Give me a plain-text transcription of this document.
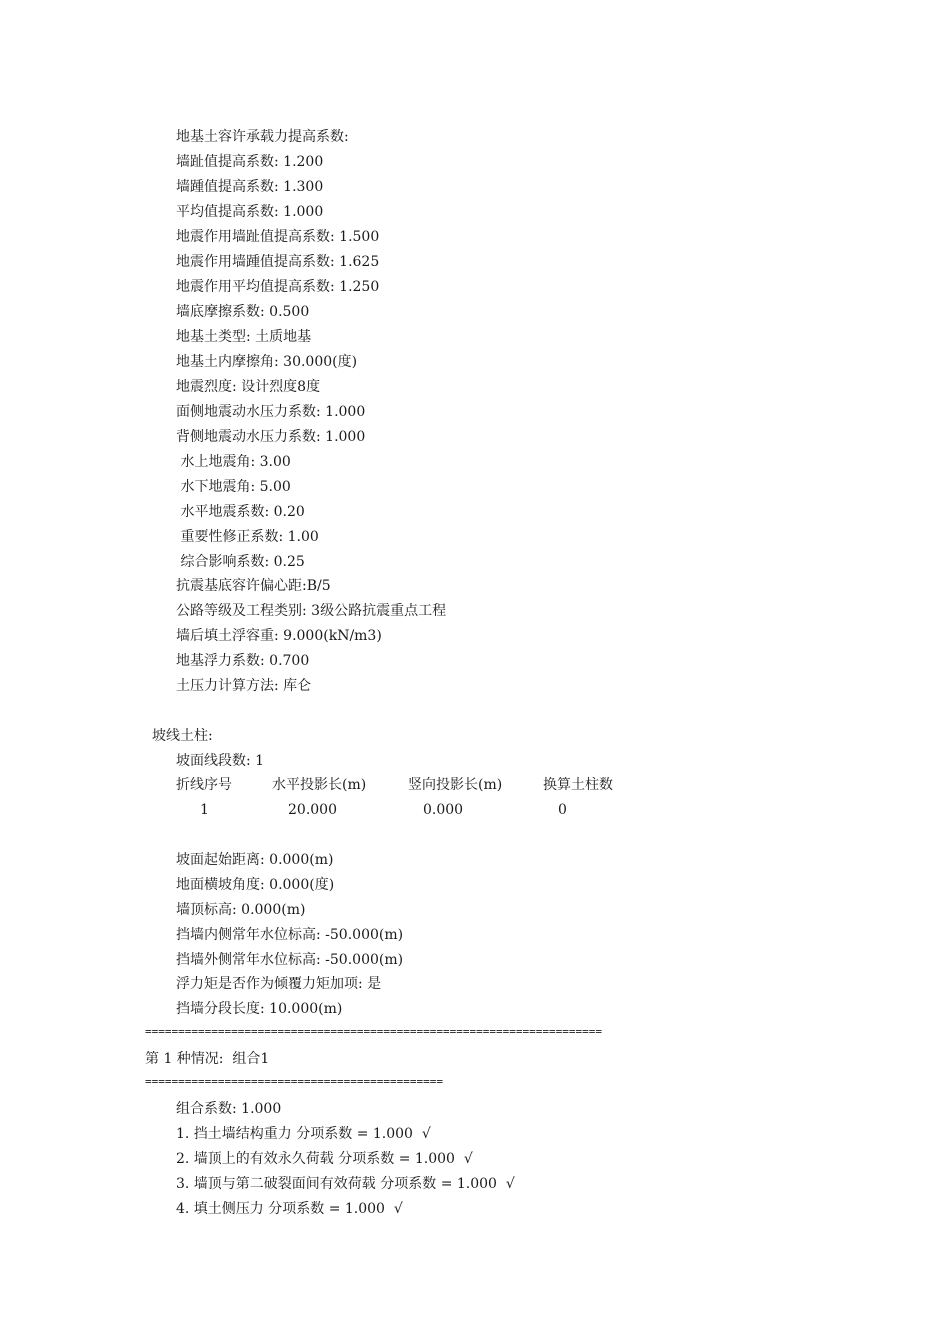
地基土容许承载力提高系数:
墙趾值提高系数: 1.200
墙踵值提高系数: 1.300
平均值提高系数: 1.000
地震作用墙趾值提高系数: 1.500
地震作用墙踵值提高系数: 1.625
地震作用平均值提高系数: 1.250
墙底摩擦系数: 0.500
地基土类型: 土质地基
地基土内摩擦角: 30.000(度)
地震烈度: 设计烈度8度
面侧地震动水压力系数: 1.000
背侧地震动水压力系数: 1.000
水上地震角: 3.00
水下地震角: 5.00
水平地震系数: 0.20
重要性修正系数: 1.00
综合影响系数: 0.25
抗震基底容许偏心距:B/5
公路等级及工程类别: 3级公路抗震重点工程
墙后填土浮容重: 9.000(kN/m3)
地基浮力系数: 0.700
土压力计算方法: 库仑
坡线土柱:
坡面线段数: 1
折线序号	水平投影长(m)	竖向投影长(m)	换算土柱数
1	20.000	0.000	0
坡面起始距离: 0.000(m)
地面横坡角度: 0.000(度)
墙顶标高: 0.000(m)
挡墙内侧常年水位标高: -50.000(m)
挡墙外侧常年水位标高: -50.000(m)
浮力矩是否作为倾覆力矩加项: 是
挡墙分段长度: 10.000(m)
=====================================================================
第 1 种情况:  组合1
=============================================
组合系数: 1.000
1. 挡土墙结构重力 分项系数 = 1.000  √
2. 墙顶上的有效永久荷载 分项系数 = 1.000  √
3. 墙顶与第二破裂面间有效荷载 分项系数 = 1.000  √
4. 填土侧压力 分项系数 = 1.000  √
